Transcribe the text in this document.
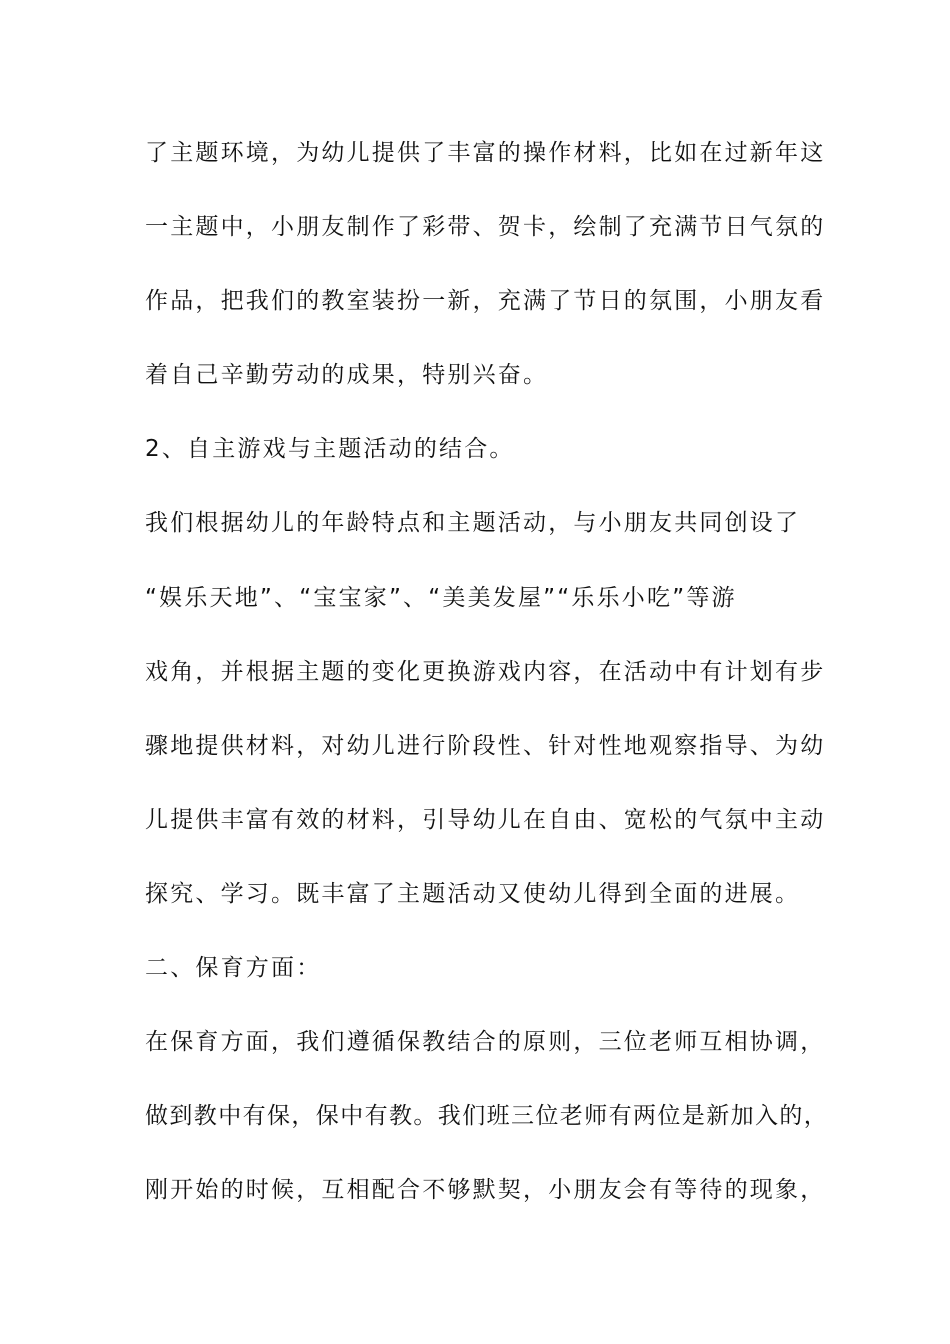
了主题环境，为幼儿提供了丰富的操作材料，比如在过新年这
一主题中，小朋友制作了彩带、贺卡，绘制了充满节日气氛的
作品，把我们的教室装扮一新，充满了节日的氛围，小朋友看
着自己辛勤劳动的成果，特别兴奋。
2、自主游戏与主题活动的结合。
我们根据幼儿的年龄特点和主题活动，与小朋友共同创设了
“娱乐天地”、“宝宝家”、“美美发屋”“乐乐小吃”等游
戏角，并根据主题的变化更换游戏内容，在活动中有计划有步
骤地提供材料，对幼儿进行阶段性、针对性地观察指导、为幼
儿提供丰富有效的材料，引导幼儿在自由、宽松的气氛中主动
探究、学习。既丰富了主题活动又使幼儿得到全面的进展。
二、保育方面：
在保育方面，我们遵循保教结合的原则，三位老师互相协调，
做到教中有保，保中有教。我们班三位老师有两位是新加入的，
刚开始的时候，互相配合不够默契，小朋友会有等待的现象，
